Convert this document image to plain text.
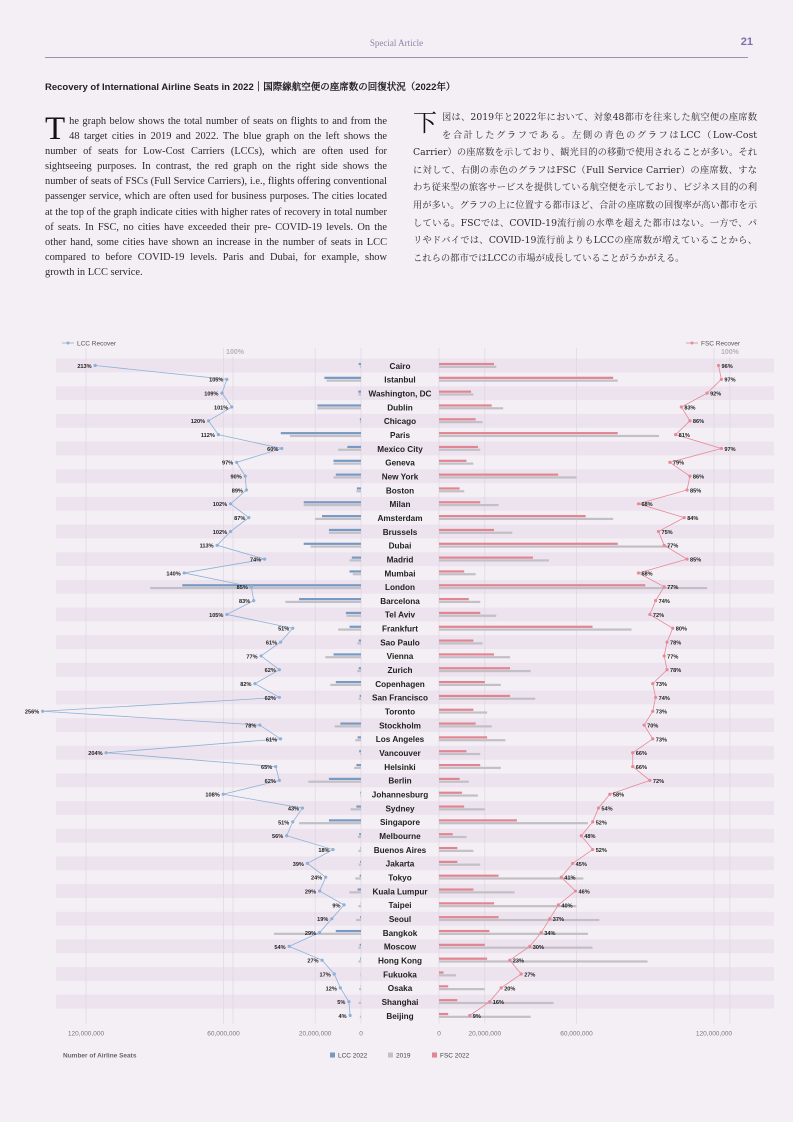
Special Article	21
Recovery of International Airline Seats in 2022｜国際線航空便の座席数の回復状況（2022年）

The graph below shows the total number of seats on flights to and from the 48 target cities in 2019 and 2022. The blue graph on the left shows the number of seats for Low-Cost Carriers (LCCs), which are often used for sightseeing purposes. In contrast, the red graph on the right side shows the number of seats of FSCs (Full Service Carriers), i.e., flights offering conventional passenger service, which are often used for business purposes. The cities located at the top of the graph indicate cities with higher rates of recovery in total number of seats. In FSC, no cities have exceeded their pre- COVID-19 levels. On the other hand, some cities have shown an increase in the number of seats in LCC compared to before COVID-19 levels. Paris and Dubai, for example, show growth in LCC service.

下図は、2019年と2022年において、対象48都市を往来した航空便の座席数を合計したグラフである。左側の青色のグラフはLCC（Low-Cost Carrier）の座席数を示しており、観光目的の移動で使用されることが多い。それに対して、右側の赤色のグラフはFSC（Full Service Carrier）の座席数、すなわち従来型の旅客サービスを提供している航空便を示しており、ビジネス目的の利用が多い。グラフの上に位置する都市ほど、合計の座席数の回復率が高い都市を示している。FSCでは、COVID-19流行前の水準を超えた都市はない。一方で、パリやドバイでは、COVID-19流行前よりもLCCの座席数が増えていることから、これらの都市ではLCCの市場が成長していることがうかがえる。

Cairo
Istanbul
Washington, DC
Dublin
Chicago
Paris
Mexico City
Geneva
New York
Boston
Milan
Amsterdam
Brussels
Dubai
Madrid
Mumbai
London
Barcelona
Tel Aviv
Frankfurt
Sao Paulo
Vienna
Zurich
Copenhagen
San Francisco
Toronto
Stockholm
Los Angeles
Vancouver
Helsinki
Berlin
Johannesburg
Sydney
Singapore
Melbourne
Buenos Aires
Jakarta
Tokyo
Kuala Lumpur
Taipei
Seoul
Bangkok
Moscow
Hong Kong
Fukuoka
Osaka
Shanghai
Beijing
213%
105%
109%
101%
120%
112%
60%
97%
90%
89%
102%
87%
102%
113%
74%
140%
85%
83%
105%
51%
61%
77%
62%
82%
62%
256%
78%
61%
204%
65%
62%
108%
43%
51%
56%
18%
39%
24%
29%
9%
19%
29%
54%
27%
17%
12%
5%
4%
96%
97%
92%
83%
86%
81%
97%
79%
86%
85%
68%
84%
75%
77%
85%
68%
77%
74%
72%
80%
78%
77%
78%
73%
74%
73%
70%
73%
66%
66%
72%
58%
54%
52%
48%
52%
45%
41%
46%
40%
37%
34%
30%
23%
27%
20%
16%
9%
LCC Recover	FSC Recover
100%	100%
120,000,000	60,000,000	20,000,000	0	0	20,000,000	60,000,000	120,000,000
Number of Airline Seats	LCC 2022	2019	FSC 2022
